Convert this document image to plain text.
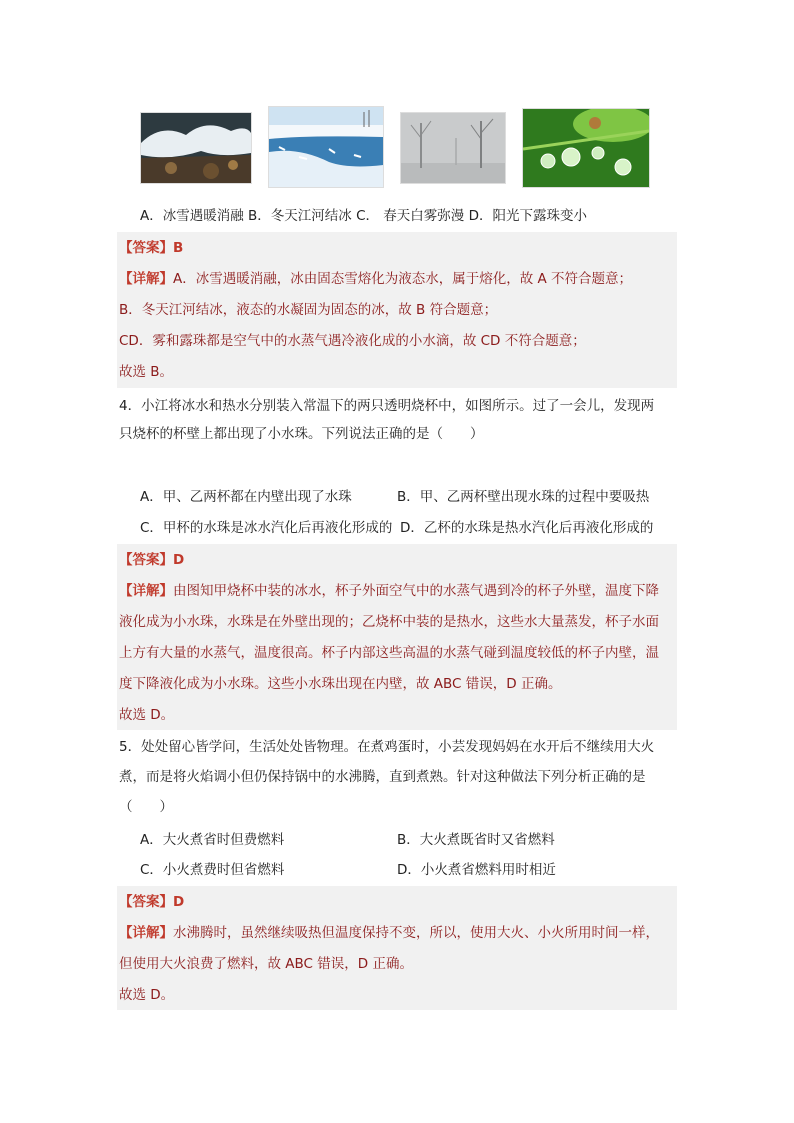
A．冰雪遇暖消融 B．冬天江河结冰 C． 春天白雾弥漫 D．阳光下露珠变小
【答案】B
【详解】A．冰雪遇暖消融，冰由固态雪熔化为液态水，属于熔化，故 A 不符合题意；
B．冬天江河结冰，液态的水凝固为固态的冰，故 B 符合题意；
CD．雾和露珠都是空气中的水蒸气遇冷液化成的小水滴，故 CD 不符合题意；
故选 B。
4．小江将冰水和热水分别装入常温下的两只透明烧杯中，如图所示。过了一会儿，发现两
只烧杯的杯壁上都出现了小水珠。下列说法正确的是（　　）
A．甲、乙两杯都在内壁出现了水珠	B．甲、乙两杯壁出现水珠的过程中要吸热
C．甲杯的水珠是冰水汽化后再液化形成的 D．乙杯的水珠是热水汽化后再液化形成的
【答案】D
【详解】由图知甲烧杯中装的冰水，杯子外面空气中的水蒸气遇到冷的杯子外壁，温度下降
液化成为小水珠，水珠是在外壁出现的；乙烧杯中装的是热水，这些水大量蒸发，杯子水面
上方有大量的水蒸气，温度很高。杯子内部这些高温的水蒸气碰到温度较低的杯子内壁，温
度下降液化成为小水珠。这些小水珠出现在内壁，故 ABC 错误，D 正确。
故选 D。
5．处处留心皆学问，生活处处皆物理。在煮鸡蛋时，小芸发现妈妈在水开后不继续用大火
煮，而是将火焰调小但仍保持锅中的水沸腾，直到煮熟。针对这种做法下列分析正确的是
（　　）
A．大火煮省时但费燃料	B．大火煮既省时又省燃料
C．小火煮费时但省燃料	D．小火煮省燃料用时相近
【答案】D
【详解】水沸腾时，虽然继续吸热但温度保持不变，所以，使用大火、小火所用时间一样，
但使用大火浪费了燃料，故 ABC 错误，D 正确。
故选 D。
